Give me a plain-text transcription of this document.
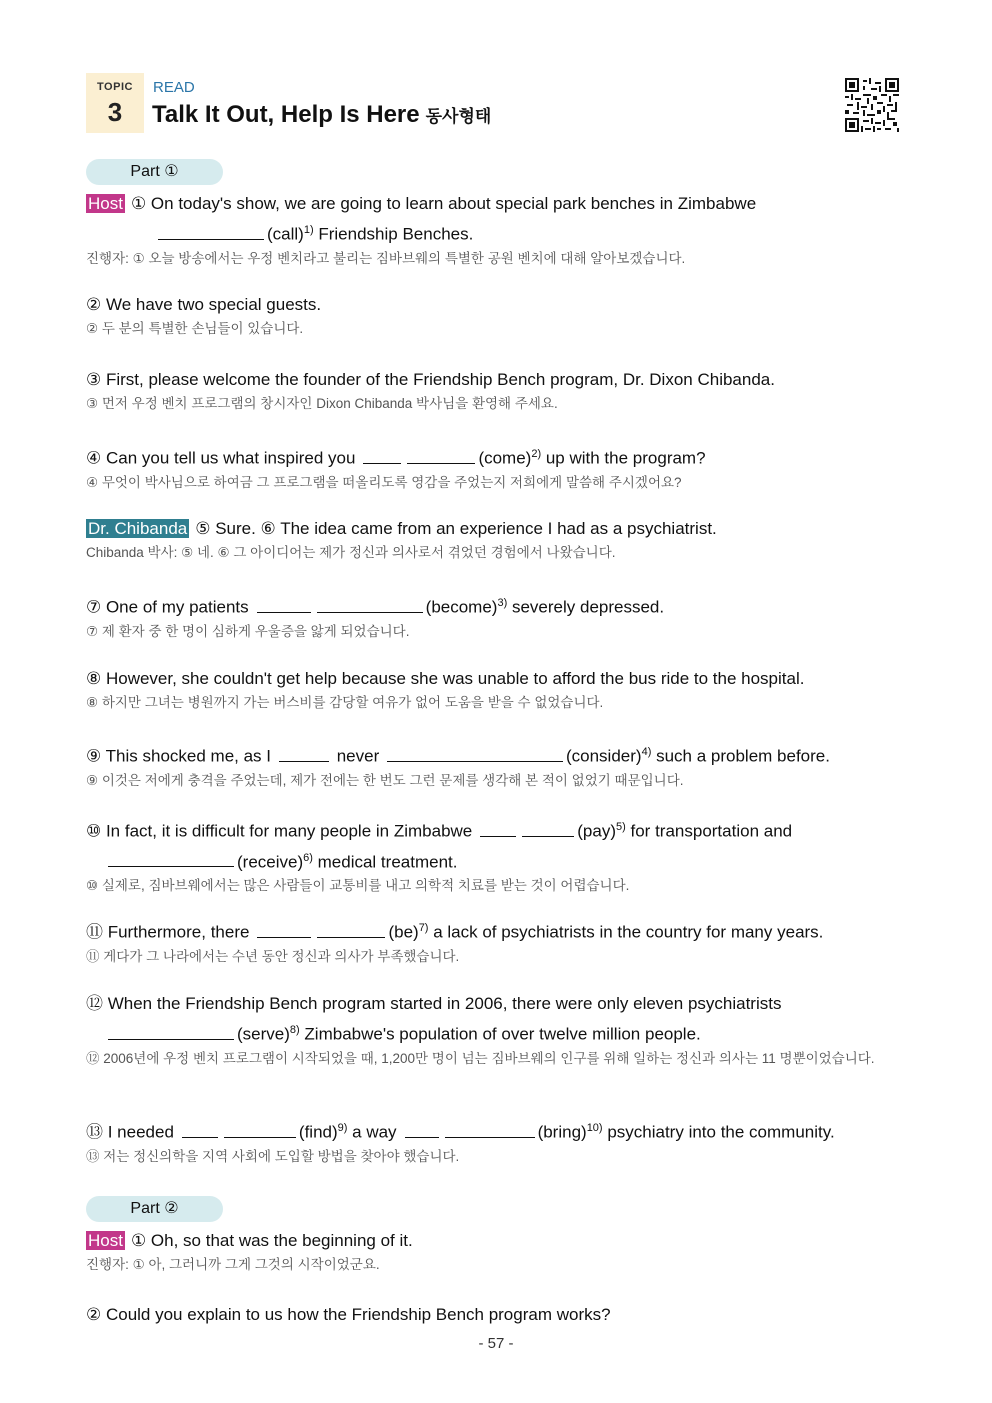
TOPIC
3
READ
Talk It Out, Help Is Here 동사형태
Part ①
Host ① On today's show, we are going to learn about special park benches in Zimbabwe
(call)$^{1)}$ Friendship Benches.
진행자: ① 오늘 방송에서는 우정 벤치라고 불리는 짐바브웨의 특별한 공원 벤치에 대해 알아보겠습니다.
② We have two special guests.
② 두 분의 특별한 손님들이 있습니다.
③ First, please welcome the founder of the Friendship Bench program, Dr. Dixon Chibanda.
③ 먼저 우정 벤치 프로그램의 창시자인 Dixon Chibanda 박사님을 환영해 주세요.
④ Can you tell us what inspired you	(come)$^{2)}$ up with the program?
④ 무엇이 박사님으로 하여금 그 프로그램을 떠올리도록 영감을 주었는지 저희에게 말씀해 주시겠어요?
Dr. Chibanda ⑤ Sure. ⑥ The idea came from an experience I had as a psychiatrist.
Chibanda 박사: ⑤ 네. ⑥ 그 아이디어는 제가 정신과 의사로서 겪었던 경험에서 나왔습니다.
⑦ One of my patients	(become)$^{3)}$ severely depressed.
⑦ 제 환자 중 한 명이 심하게 우울증을 앓게 되었습니다.
⑧ However, she couldn't get help because she was unable to afford the bus ride to the hospital.
⑧ 하지만 그녀는 병원까지 가는 버스비를 감당할 여유가 없어 도움을 받을 수 없었습니다.
⑨ This shocked me, as I	never	(consider)$^{4)}$ such a problem before.
⑨ 이것은 저에게 충격을 주었는데, 제가 전에는 한 번도 그런 문제를 생각해 본 적이 없었기 때문입니다.
⑩ In fact, it is difficult for many people in Zimbabwe	(pay)$^{5)}$ for transportation and
(receive)$^{6)}$ medical treatment.
⑩ 실제로, 짐바브웨에서는 많은 사람들이 교통비를 내고 의학적 치료를 받는 것이 어렵습니다.
⑪ Furthermore, there	(be)$^{7)}$ a lack of psychiatrists in the country for many years.
⑪ 게다가 그 나라에서는 수년 동안 정신과 의사가 부족했습니다.
⑫ When the Friendship Bench program started in 2006, there were only eleven psychiatrists
(serve)$^{8)}$ Zimbabwe's population of over twelve million people.
⑫ 2006년에 우정 벤치 프로그램이 시작되었을 때, 1,200만 명이 넘는 짐바브웨의 인구를 위해 일하는 정신과 의사는 11 명뿐이었습니다.
⑬ I needed	(find)$^{9)}$ a way	(bring)$^{10)}$ psychiatry into the community.
⑬ 저는 정신의학을 지역 사회에 도입할 방법을 찾아야 했습니다.
Part ②
Host ① Oh, so that was the beginning of it.
진행자: ① 아, 그러니까 그게 그것의 시작이었군요.
② Could you explain to us how the Friendship Bench program works?
- 57 -
